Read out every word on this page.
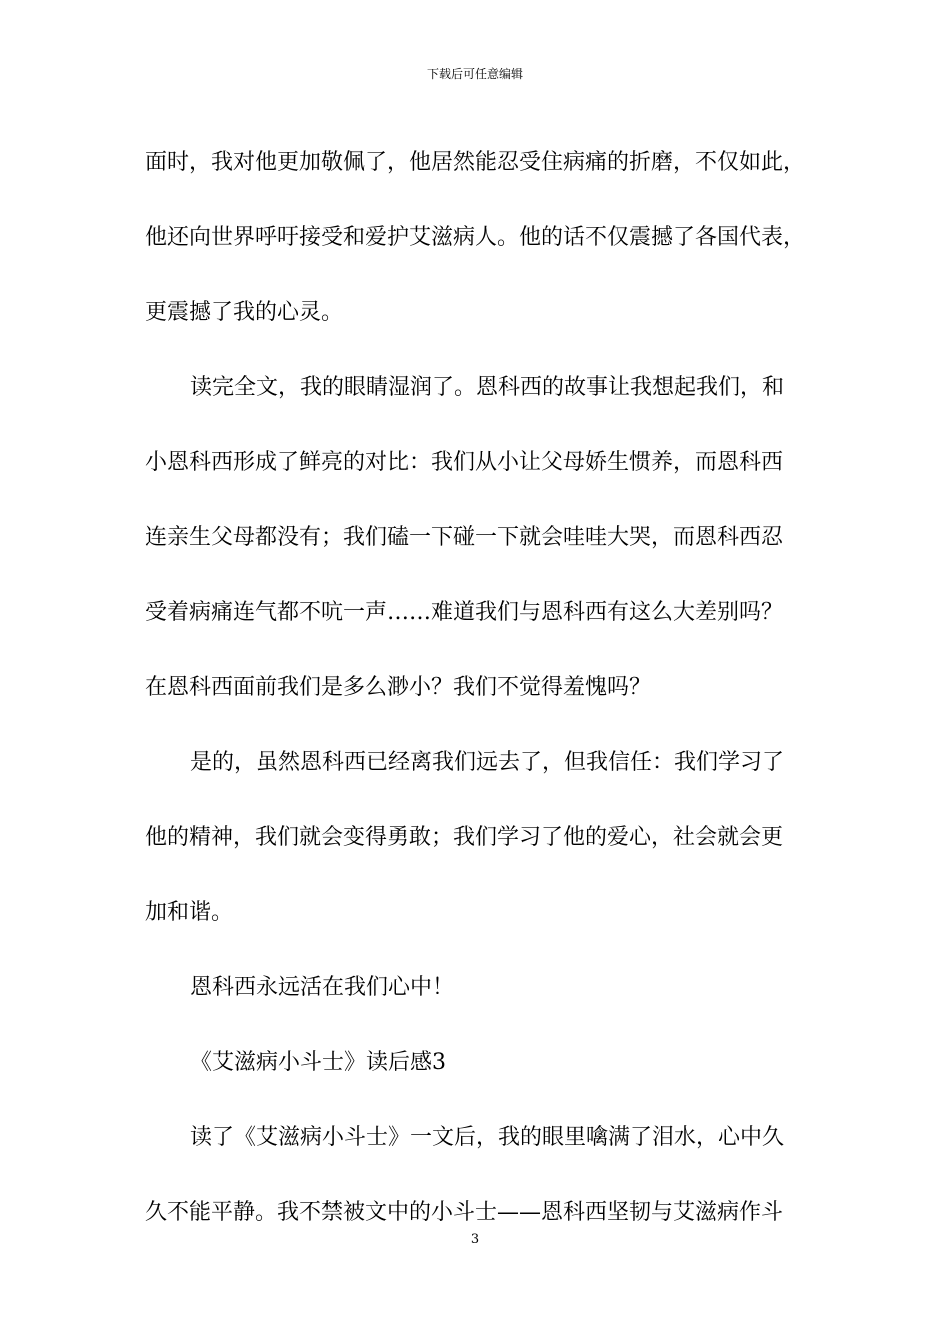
下载后可任意编辑
面时，我对他更加敬佩了，他居然能忍受住病痛的折磨，不仅如此，
他还向世界呼吁接受和爱护艾滋病人。他的话不仅震撼了各国代表，
更震撼了我的心灵。
读完全文，我的眼睛湿润了。恩科西的故事让我想起我们，和
小恩科西形成了鲜亮的对比：我们从小让父母娇生惯养，而恩科西
连亲生父母都没有；我们磕一下碰一下就会哇哇大哭，而恩科西忍
受着病痛连气都不吭一声……难道我们与恩科西有这么大差别吗？
在恩科西面前我们是多么渺小？我们不觉得羞愧吗？
是的，虽然恩科西已经离我们远去了，但我信任：我们学习了
他的精神，我们就会变得勇敢；我们学习了他的爱心，社会就会更
加和谐。
恩科西永远活在我们心中！
《艾滋病小斗士》读后感3
读了《艾滋病小斗士》一文后，我的眼里噙满了泪水，心中久
久不能平静。我不禁被文中的小斗士——恩科西坚韧与艾滋病作斗
3
